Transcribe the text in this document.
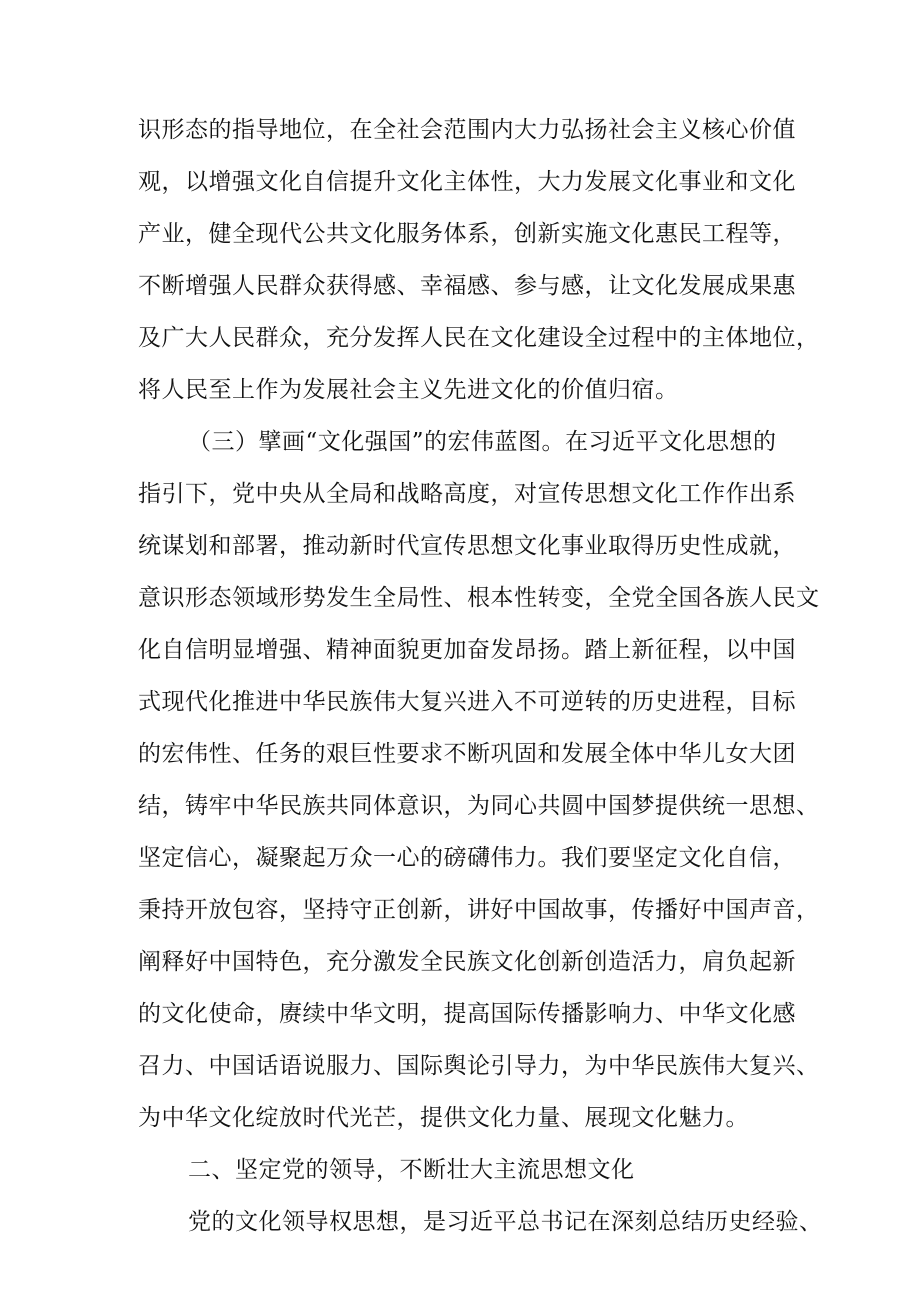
识形态的指导地位，在全社会范围内大力弘扬社会主义核心价值
观，以增强文化自信提升文化主体性，大力发展文化事业和文化
产业，健全现代公共文化服务体系，创新实施文化惠民工程等，
不断增强人民群众获得感、幸福感、参与感，让文化发展成果惠
及广大人民群众，充分发挥人民在文化建设全过程中的主体地位，
将人民至上作为发展社会主义先进文化的价值归宿。
（三）擘画“文化强国”的宏伟蓝图。在习近平文化思想的
指引下，党中央从全局和战略高度，对宣传思想文化工作作出系
统谋划和部署，推动新时代宣传思想文化事业取得历史性成就，
意识形态领域形势发生全局性、根本性转变，全党全国各族人民文
化自信明显增强、精神面貌更加奋发昂扬。踏上新征程，以中国
式现代化推进中华民族伟大复兴进入不可逆转的历史进程，目标
的宏伟性、任务的艰巨性要求不断巩固和发展全体中华儿女大团
结，铸牢中华民族共同体意识，为同心共圆中国梦提供统一思想、
坚定信心，凝聚起万众一心的磅礴伟力。我们要坚定文化自信，
秉持开放包容，坚持守正创新，讲好中国故事，传播好中国声音，
阐释好中国特色，充分激发全民族文化创新创造活力，肩负起新
的文化使命，赓续中华文明，提高国际传播影响力、中华文化感
召力、中国话语说服力、国际舆论引导力，为中华民族伟大复兴、
为中华文化绽放时代光芒，提供文化力量、展现文化魅力。
二、坚定党的领导，不断壮大主流思想文化
党的文化领导权思想，是习近平总书记在深刻总结历史经验、
